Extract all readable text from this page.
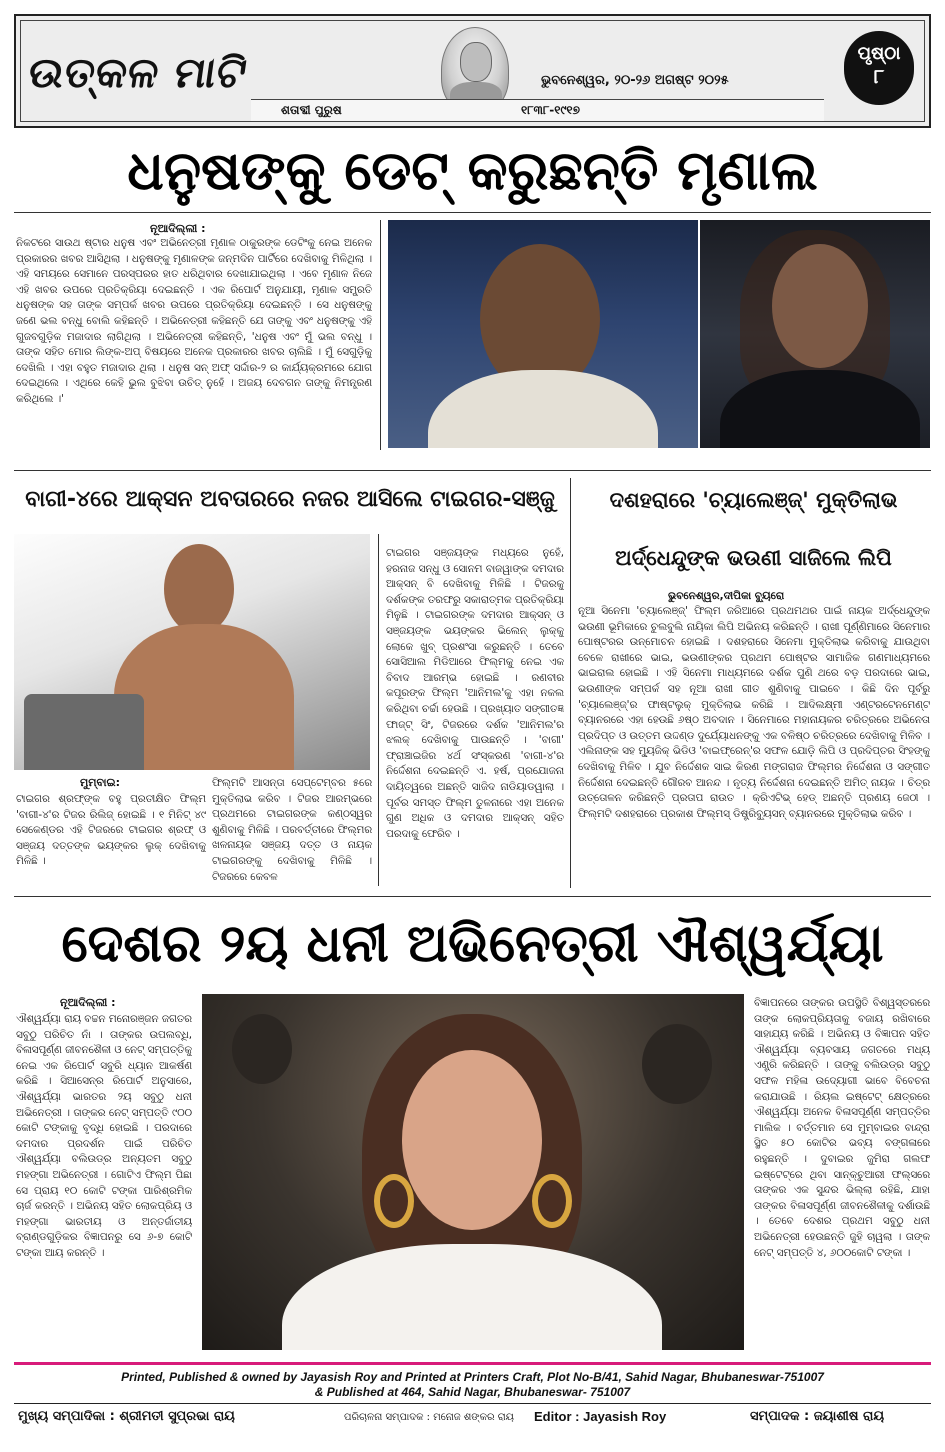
ଉତ୍କଳ ମାଟି	ଭୁବନେଶ୍ୱର, ୨୦-୨୬ ଅଗଷ୍ଟ ୨୦୨୫
ଶତାବ୍ଦୀ ପୁରୁଷ	୧୮୩୮-୧୯୧୭
ପୃଷ୍ଠା
୮
ଧନୁଷଙ୍କୁ ଡେଟ୍ କରୁଛନ୍ତି ମୃଣାଲ
ନୂଆଦିଲ୍ଲୀ :
ନିକଟରେ ସାଉଥ ଷ୍ଟାର ଧନୁଷ ଏବଂ ଅଭିନେତ୍ରୀ ମୃଣାଳ ଠାକୁରଙ୍କ ଡେଟିଂକୁ ନେଇ ଅନେକ ପ୍ରକାରର ଖବର ଆସିଥିଲା । ଧନୁଷଙ୍କୁ ମୃଣାଳଙ୍କ ଜନ୍ମଦିନ ପାର୍ଟିରେ ଦେଖିବାକୁ ମିଳିଥିଲା । ଏହି ସମୟରେ ସେମାନେ ପରସ୍ପରର ହାତ ଧରିଥିବାର ଦେଖାଯାଇଥିଲା । ଏବେ ମୃଣାଳ ନିଜେ ଏହି ଖବର ଉପରେ ପ୍ରତିକ୍ରିୟା ଦେଇଛନ୍ତି । ଏକ ରିପୋର୍ଟ ଅନୁଯାୟୀ, ମୃଣାଳ ସମ୍ପ୍ରତି ଧନୁଷଙ୍କ ସହ ତାଙ୍କ ସମ୍ପର୍କ ଖବର ଉପରେ ପ୍ରତିକ୍ରିୟା ଦେଇଛନ୍ତି । ସେ ଧନୁଷଙ୍କୁ ଜଣେ ଭଲ ବନ୍ଧୁ ବୋଲି କହିଛନ୍ତି । ଅଭିନେତ୍ରୀ କହିଛନ୍ତି ଯେ ତାଙ୍କୁ ଏବଂ ଧନୁଷଙ୍କୁ ଏହି ଗୁଜବଗୁଡ଼ିକ ମଜାଦାର ଲାଗିଥିଲା । ଅଭିନେତ୍ରୀ କହିଛନ୍ତି, 'ଧନୁଷ ଏବଂ ମୁଁ ଭଲ ବନ୍ଧୁ । ତାଙ୍କ ସହିତ ମୋର ଲିଙ୍କ-ଅପ୍ ବିଷୟରେ ଅନେକ ପ୍ରକାରର ଖବର ଚାଲିଛି । ମୁଁ ସେଗୁଡ଼ିକୁ ଦେଖିଲି । ଏହା ବହୁତ ମଜାଦାର ଥିଲା । ଧନୁଷ ସନ୍ ଅଫ୍ ସର୍ଦ୍ଦାର-୨ ର କାର୍ଯ୍ୟକ୍ରମରେ ଯୋଗ ଦେଇଥିଲେ । ଏଥିରେ କେହି ଭୁଲ ବୁଝିବା ଉଚିତ୍ ନୁହେଁ । ଅଜୟ ଦେବଗନ ତାଙ୍କୁ ନିମନ୍ତ୍ରଣ କରିଥିଲେ ।'
ବାଗୀ-୪ରେ ଆକ୍ସନ ଅବତାରରେ ନଜର ଆସିଲେ ଟାଇଗର-ସଞ୍ଜୁ
ମୁମ୍ବାଇ:
ଟାଇଗର ଶ୍ରଫ୍‌ଙ୍କ ବହୁ ପ୍ରତୀକ୍ଷିତ ଫିଲ୍ମ 'ବାଗୀ-୪'ର ଟିଜର ରିଲିଜ୍ ହୋଇଛି । ୧ ମିନିଟ୍ ୪୯ ସେକେଣ୍ଡର ଏହି ଟିଜରରେ ଟାଇଗର ଶ୍ରଫ୍ ଓ ସଞ୍ଜୟ ଦତ୍ତଙ୍କ ଭୟଙ୍କର ଲୁକ୍ ଦେଖିବାକୁ ମିଳିଛି ।
ଫିଲ୍ମଟି ଆସନ୍ତା ସେପ୍ଟେମ୍ବର ୫ରେ ମୁକ୍ତିଲାଭ କରିବ । ଟିଜର ଆରମ୍ଭରେ ପ୍ରଥମରେ ଟାଇଗରଙ୍କ କଣ୍ଠସ୍ୱର ଶୁଣିବାକୁ ମିଳିଛି । ପରବର୍ତ୍ତୀରେ ଫିଲ୍ମର ଖଳନାୟକ ସଞ୍ଜୟ ଦତ୍ତ ଓ ନାୟକ ଟାଇଗରଙ୍କୁ ଦେଖିବାକୁ ମିଳିଛି । ଟିଜରରେ କେବଳ
ଟାଇଗର ସଞ୍ଜୟଙ୍କ ମଧ୍ୟରେ ନୁହେଁ, ହରନାଜ ସନ୍ଧୁ ଓ ସୋନମ ବାଜୱାଙ୍କ ଦମଦାର ଆକ୍ସନ୍ ବି ଦେଖିବାକୁ ମିଳିଛି । ଟିଜରକୁ ଦର୍ଶକଙ୍କ ତରଫରୁ ସକାରାତ୍ମକ ପ୍ରତିକ୍ରିୟା ମିଳୁଛି । ଟାଇଗରଙ୍କ ଦମଦାର ଆକ୍ସନ୍ ଓ ସଞ୍ଜୟଙ୍କ ଭୟଙ୍କର ଭିଲେନ୍ ଲୁକ୍‌କୁ ଲୋକେ ଖୁବ୍ ପ୍ରଶଂସା କରୁଛନ୍ତି । ତେବେ ସୋସିଆଲ ମିଡିଆରେ ଫିଲ୍ମକୁ ନେଇ ଏକ ବିବାଦ ଆରମ୍ଭ ହୋଇଛି । ରଣବୀର କପୂରଙ୍କ ଫିଲ୍ମ 'ଆନିମଲ'କୁ ଏହା ନକଲ କରିଥିବା ଚର୍ଚ୍ଚା ହେଉଛି । ପ୍ରଖ୍ୟାତ ସଙ୍ଗୀତଜ୍ଞ ଫାଜ୍‌ଟ୍ ସିଂ, ଟିଜରରେ ଦର୍ଶକ 'ଆନିମଲ'ର ଝଲକ୍ ଦେଖିବାକୁ ପାଉଛନ୍ତି । 'ବାଗୀ' ଫ୍ରାଞ୍ଚାଇଜିର ୪ର୍ଥ ସଂସ୍କରଣ 'ବାଗୀ-୪'ର ନିର୍ଦ୍ଦେଶନା ଦେଇଛନ୍ତି ଏ. ହର୍ଷ, ପ୍ରଯୋଜନା ଦାୟିତ୍ୱରେ ଅଛନ୍ତି ସାଜିଦ ନାଡିୟାଡୱାଲା । ପୂର୍ବର ସମସ୍ତ ଫିଲ୍ମ ତୁଳନାରେ ଏହା ଅନେକ ଗୁଣ ଅଧିକ ଓ ଦମଦାର ଆକ୍ସନ୍ ସହିତ ପରଦାକୁ ଫେରିବ ।
ଦଶହରାରେ 'ଚ୍ୟାଲେଞ୍ଜ୍' ମୁକ୍ତିଲାଭ
ଅର୍ଦ୍ଧେନ୍ଦୁଙ୍କ ଭଉଣୀ ସାଜିଲେ ଲିପି
ଭୁବନେଶ୍ୱର,ଦୀପିକା ବ୍ୟୁରୋ
ନୂଆ ସିନେମା 'ଚ୍ୟାଲେଞ୍ଜ୍' ଫିଲ୍ମ ଜରିଆରେ ପ୍ରଥମଥର ପାଇଁ ନାୟକ ଅର୍ଦ୍ଧେନ୍ଦୁଙ୍କ ଭଉଣୀ ଭୂମିକାରେ ଚୁଲବୁଲି ନାୟିକା ଲିପି ଅଭିନୟ କରିଛନ୍ତି । ରାଖୀ ପୂର୍ଣ୍ଣିମାରେ ସିନେମାର ପୋଷ୍ଟରର ଉନ୍ମୋଚନ ହୋଇଛି । ଦଶହରାରେ ସିନେମା ମୁକ୍ତିଲାଭ କରିବାକୁ ଯାଉଥିବା ବେଳେ ରାଖୀରେ ଭାଇ, ଭଉଣୀଙ୍କର ପ୍ରଥମ ପୋଷ୍ଟର ସାମାଜିକ ଗଣମାଧ୍ୟମରେ ଭାଇରାଲ ହୋଇଛି । ଏହି ସିନେମା ମାଧ୍ୟମରେ ଦର୍ଶକ ପୁଣି ଥରେ ବଡ଼ ପରଦାରେ ଭାଇ, ଭଉଣୀଙ୍କ ସମ୍ପର୍କ ସହ ନୂଆ ରାଖୀ ଗୀତ ଶୁଣିବାକୁ ପାଇବେ । କିଛି ଦିନ ପୂର୍ବରୁ 'ଚ୍ୟାଲେଞ୍ଜ୍'ର ଫାଷ୍ଟଲୁକ୍ ମୁକ୍ତିଲାଭ କରିଛି । ଆଦିଲକ୍ଷ୍ମୀ ଏଣ୍ଟରଟେନମେଣ୍ଟ ବ୍ୟାନରରେ ଏହା ହେଉଛି ୬ଷ୍ଠ ଅବଦାନ । ସିନେମାରେ ମହାନାୟକର ଚରିତ୍ରରେ ଅଭିନେତା ପ୍ରଦିପ୍ତ ଓ ଉତ୍ତମ ଉଦ୍ଦଣ୍ଡ ଦୁର୍ଯ୍ୟୋଧନଙ୍କୁ ଏକ ବଳିଷ୍ଠ ଚରିତ୍ରରେ ଦେଖିବାକୁ ମିଳିବ । ଏଲିନାଙ୍କ ସହ ମ୍ୟୁଜିକ୍ ଭିଡିଓ 'ବାଇଫ୍ରେନ୍'ର ସଫଳ ଯୋଡ଼ି ଲିପି ଓ ପ୍ରଦିପ୍ତର ସିଂହଙ୍କୁ ଦେଖିବାକୁ ମିଳିବ । ଯୁବ ନିର୍ଦ୍ଦେଶକ ସାଇ କିରଣ ମଙ୍ଗରାଜ ଫିଲ୍ମର ନିର୍ଦ୍ଦେଶନା ଓ ସଙ୍ଗୀତ ନିର୍ଦ୍ଦେଶନା ଦେଇଛନ୍ତି ଗୌରବ ଆନନ୍ଦ । ନୃତ୍ୟ ନିର୍ଦ୍ଦେଶନା ଦେଇଛନ୍ତି ଅମିତ୍ ନାୟକ । ଚିତ୍ର ଉତ୍ତୋଳନ କରିଛନ୍ତି ପ୍ରତାପ ରାଉତ । କ୍ରିଏଟିଭ୍ ହେଡ୍ ଅଛନ୍ତି ପ୍ରଣୟ ଜେଠୀ । ଫିଲ୍ମଟି ଦଶହରାରେ ପ୍ରକାଶ ଫିଲ୍ମସ୍ ଡିଷ୍ଟ୍ରିବ୍ୟୁସନ୍ ବ୍ୟାନରରେ ମୁକ୍ତିଲାଭ କରିବ ।
ଦେଶର ୨ୟ ଧନୀ ଅଭିନେତ୍ରୀ ଐଶ୍ୱର୍ଯ୍ୟା
ନୂଆଦିଲ୍ଲୀ :
ଐଶ୍ୱର୍ଯ୍ୟା ରାୟ ବଚ୍ଚନ ମନୋରଞ୍ଜନ ଜଗତର ସବୁଠୁ ପରିଚିତ ନାଁ । ତାଙ୍କର ଉପଲବ୍ଧି, ବିଳାସପୂର୍ଣ୍ଣ ଜୀବନଶୈଳୀ ଓ ନେଟ୍ ସମ୍ପତ୍ତିକୁ ନେଇ ଏକ ରିପୋର୍ଟ ସବୁରି ଧ୍ୟାନ ଆକର୍ଷଣ କରିଛି । ସିଆସେନ୍‌ର ରିପୋର୍ଟ ଅନୁସାରେ, ଐଶ୍ୱର୍ଯ୍ୟା ଭାରତର ୨ୟ ସବୁଠୁ ଧନୀ ଅଭିନେତ୍ରୀ । ତାଙ୍କର ନେଟ୍ ସମ୍ପତ୍ତି ୯୦୦ କୋଟି ଟଙ୍କାକୁ ବୃଦ୍ଧି ହୋଇଛି । ପରଦାରେ ଦମଦାର ପ୍ରଦର୍ଶନ ପାଇଁ ପରିଚିତ ଐଶ୍ୱର୍ଯ୍ୟା ବଲିଉଡ୍‌ର ଅନ୍ୟତମ ସବୁଠୁ ମହଙ୍ଗା ଅଭିନେତ୍ରୀ । ଗୋଟିଏ ଫିଲ୍ମ ପିଛା ସେ ପ୍ରାୟ ୧୦ କୋଟି ଟଙ୍କା ପାରିଶ୍ରମିକ ଚାର୍ଜ କରନ୍ତି । ଅଭିନୟ ସହିତ ଲୋକପ୍ରିୟ ଓ ମହଙ୍ଗା ଭାରତୀୟ ଓ ଅନ୍ତର୍ଜାତୀୟ ବ୍ରାଣ୍ଡଗୁଡ଼ିକର ବିଜ୍ଞାପନରୁ ସେ ୬-୭ କୋଟି ଟଙ୍କା ଆୟ କରନ୍ତି ।
ବିଜ୍ଞାପନରେ ତାଙ୍କର ଉପସ୍ଥିତି ବିଶ୍ୱସ୍ତରରେ ତାଙ୍କ ଲୋକପ୍ରିୟତାକୁ ବଜାୟ ରଖିବାରେ ସାହାଯ୍ୟ କରିଛି । ଅଭିନୟ ଓ ବିଜ୍ଞାପନ ସହିତ ଐଶ୍ୱର୍ଯ୍ୟା ବ୍ୟବସାୟ ଜଗତରେ ମଧ୍ୟ ଏଣ୍ଟ୍ରି କରିଛନ୍ତି । ତାଙ୍କୁ ବଲିଉଡ୍‌ର ସବୁଠୁ ସଫଳ ମହିଳା ଉଦ୍ୟୋଗୀ ଭାବେ ବିବେଚନା କରାଯାଉଛି । ରିୟଲ ଇଷ୍ଟେଟ୍ କ୍ଷେତ୍ରରେ ଐଶ୍ୱର୍ଯ୍ୟା ଅନେକ ବିଳାସପୂର୍ଣ୍ଣ ସମ୍ପତ୍ତିର ମାଲିକ । ବର୍ତ୍ତମାନ ସେ ମୁମ୍ବାଇର ବାନ୍ଦ୍ରା ସ୍ଥିତ ୫୦ କୋଟିର ଭବ୍ୟ ବଙ୍ଗଳାରେ ରହୁଛନ୍ତି । ଦୁବାଇର ଜୁମିରା ଗଲଫ ଇଷ୍ଟେଟ୍‌ରେ ଥିବା ସାନ୍‌କ୍ଚୁଆରୀ ଫଲ୍ସରେ ତାଙ୍କର ଏକ ସୁନ୍ଦର ଭିଲ୍ଲା ରହିଛି, ଯାହା ତାଙ୍କର ବିଳାସପୂର୍ଣ୍ଣ ଜୀବନଶୈଳୀକୁ ଦର୍ଶାଉଛି । ତେବେ ଦେଶର ପ୍ରଥମ ସବୁଠୁ ଧନୀ ଅଭିନେତ୍ରୀ ହେଉଛନ୍ତି ଜୁହି ଚାୱଲା । ତାଙ୍କ ନେଟ୍ ସମ୍ପତ୍ତି ୪, ୬୦୦କୋଟି ଟଙ୍କା ।
Printed, Published & owned by Jayasish Roy and Printed at Printers Craft, Plot No-B/41, Sahid Nagar, Bhubaneswar-751007
& Published at 464, Sahid Nagar, Bhubaneswar- 751007
ମୁଖ୍ୟ ସମ୍ପାଦିକା : ଶ୍ରୀମତୀ ସୁପ୍ରଭା ରାୟ	ପରିଚାଳନା ସମ୍ପାଦକ : ମନୋଜ ଶଙ୍କର ରାୟ Editor : Jayasish Roy	ସମ୍ପାଦକ : ଜୟାଶୀଷ ରାୟ
